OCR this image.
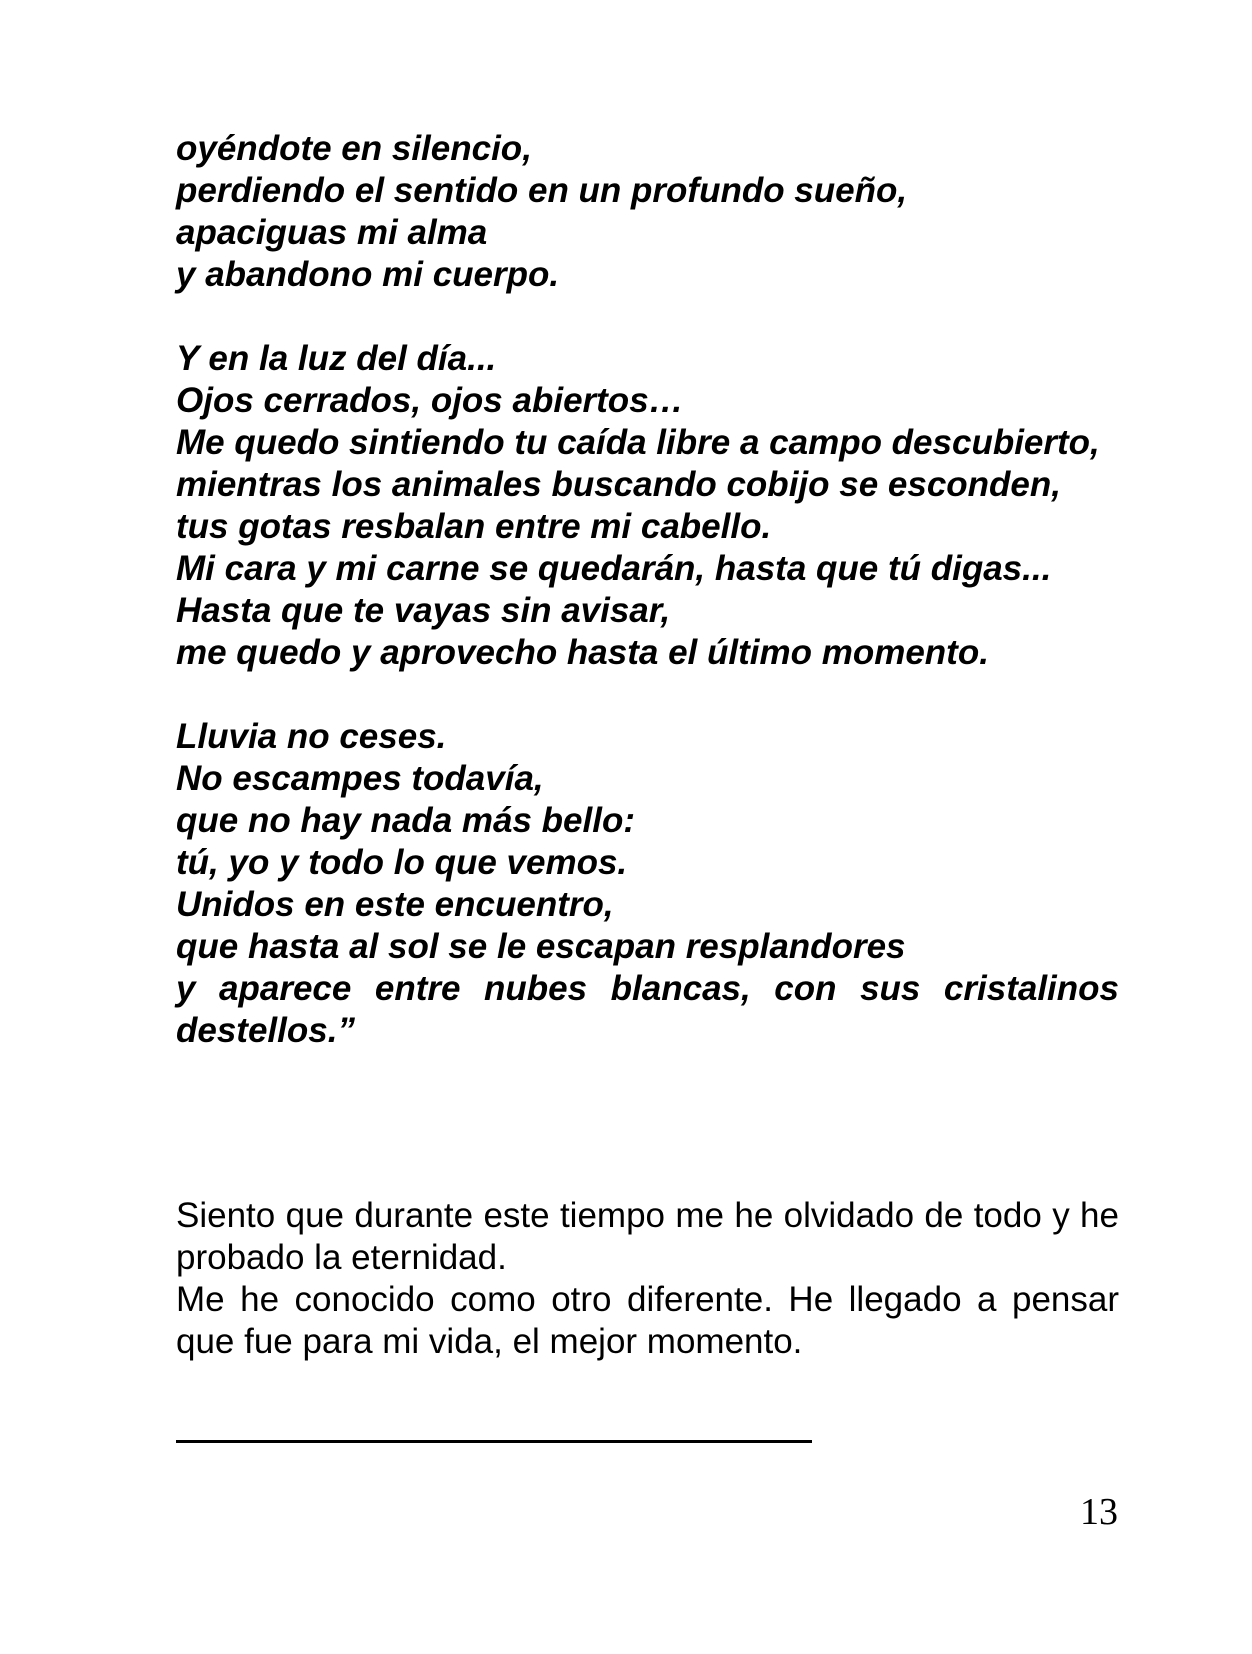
oyéndote en silencio,
perdiendo el sentido en un profundo sueño,
apaciguas mi alma
y abandono mi cuerpo.
Y en la luz del día...
Ojos cerrados, ojos abiertos…
Me quedo sintiendo tu caída libre a campo descubierto,
mientras los animales buscando cobijo se esconden,
tus gotas resbalan entre mi cabello.
Mi cara y mi carne se quedarán, hasta que tú digas...
Hasta que te vayas sin avisar,
me quedo y aprovecho hasta el último momento.
Lluvia no ceses.
No escampes todavía,
que no hay nada más bello:
tú, yo y todo lo que vemos.
Unidos en este encuentro,
que hasta al sol se le escapan resplandores
y aparece entre nubes blancas, con sus cristalinos destellos.”

Siento que durante este tiempo me he olvidado de todo y he probado la eternidad.

Me he conocido como otro diferente. He llegado a pensar que fue para mi vida, el mejor momento.

13
